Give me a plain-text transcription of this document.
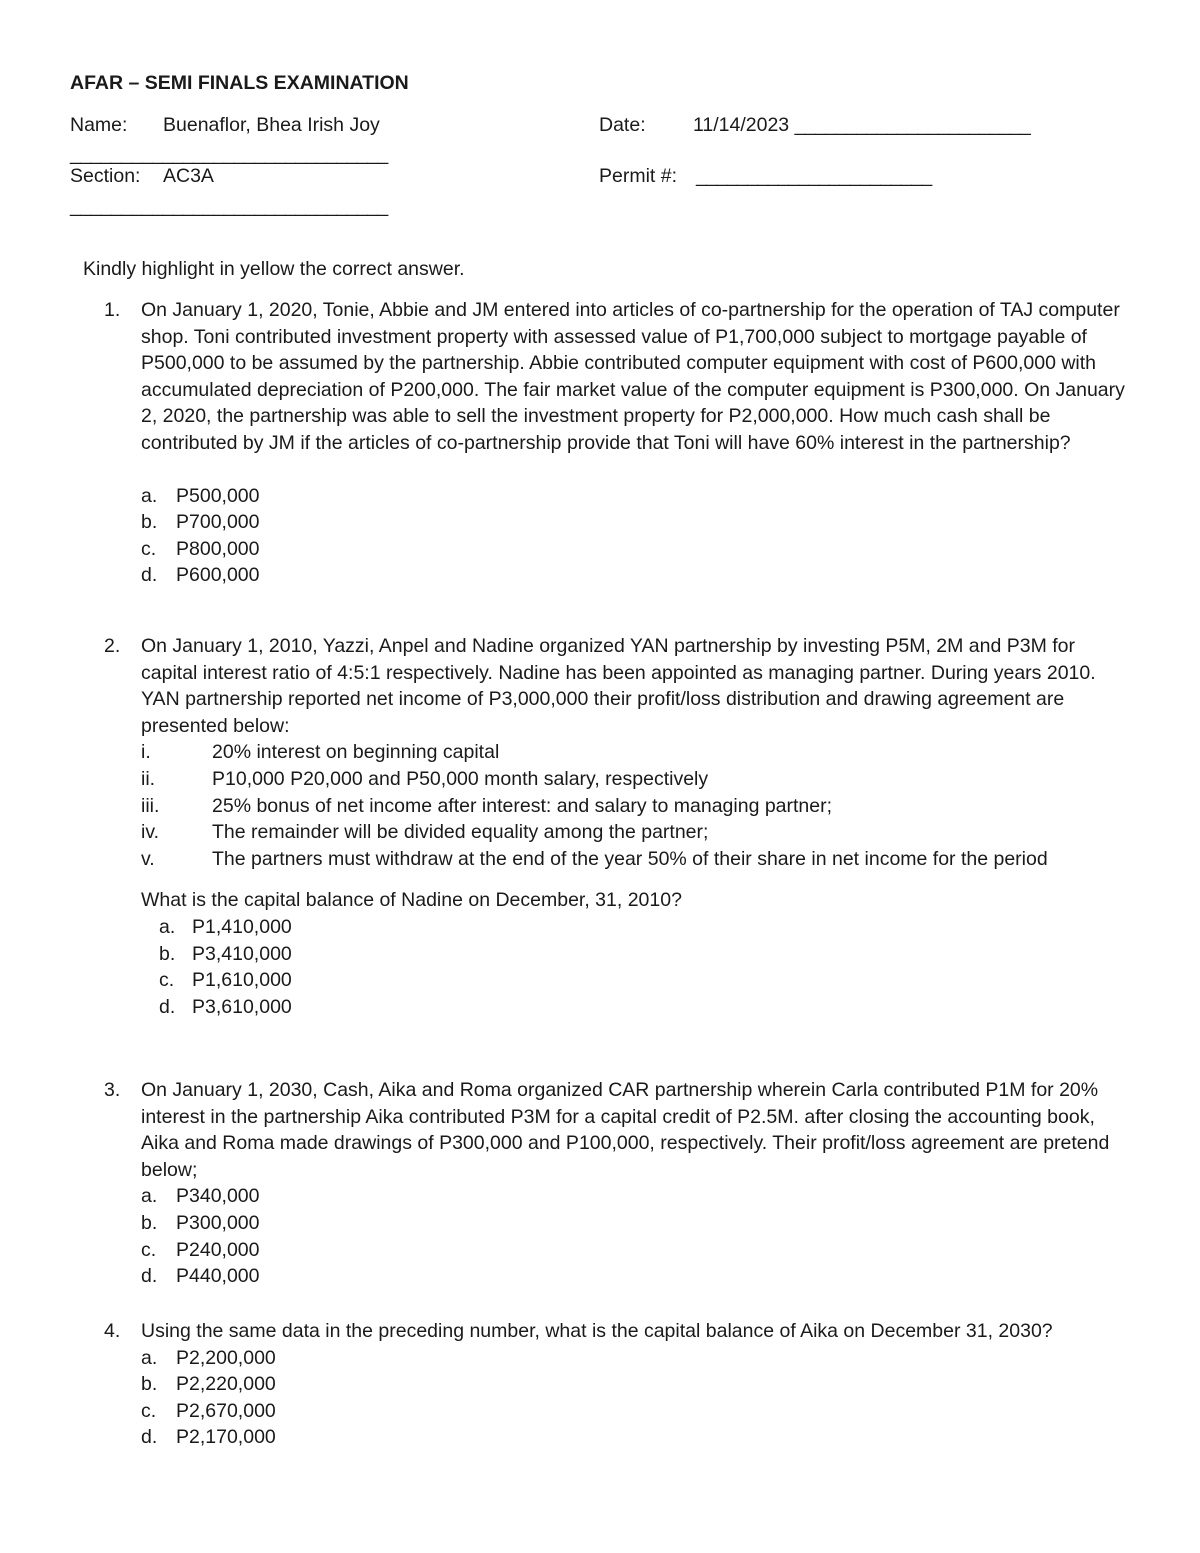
AFAR – SEMI FINALS EXAMINATION
Name: Buenaflor, Bhea Irish Joy	Date: 11/14/2023 _______________________
_______________________________
Section: AC3A	Permit #: _______________________
_______________________________
Kindly highlight in yellow the correct answer.
1. On January 1, 2020, Tonie, Abbie and JM entered into articles of co-partnership for the operation of TAJ computer shop. Toni contributed investment property with assessed value of P1,700,000 subject to mortgage payable of P500,000 to be assumed by the partnership. Abbie contributed computer equipment with cost of P600,000 with accumulated depreciation of P200,000. The fair market value of the computer equipment is P300,000. On January 2, 2020, the partnership was able to sell the investment property for P2,000,000. How much cash shall be contributed by JM if the articles of co-partnership provide that Toni will have 60% interest in the partnership?
a. P500,000
b. P700,000
c. P800,000
d. P600,000
2. On January 1, 2010, Yazzi, Anpel and Nadine organized YAN partnership by investing P5M, 2M and P3M for capital interest ratio of 4:5:1 respectively. Nadine has been appointed as managing partner. During years 2010. YAN partnership reported net income of P3,000,000 their profit/loss distribution and drawing agreement are presented below:
i.	20% interest on beginning capital
ii.	P10,000 P20,000 and P50,000 month salary, respectively
iii.	25% bonus of net income after interest: and salary to managing partner;
iv.	The remainder will be divided equality among the partner;
v.	The partners must withdraw at the end of the year 50% of their share in net income for the period
What is the capital balance of Nadine on December, 31, 2010?
a. P1,410,000
b. P3,410,000
c. P1,610,000
d. P3,610,000
3. On January 1, 2030, Cash, Aika and Roma organized CAR partnership wherein Carla contributed P1M for 20% interest in the partnership Aika contributed P3M for a capital credit of P2.5M. after closing the accounting book, Aika and Roma made drawings of P300,000 and P100,000, respectively. Their profit/loss agreement are pretend below;
a. P340,000
b. P300,000
c. P240,000
d. P440,000
4. Using the same data in the preceding number, what is the capital balance of Aika on December 31, 2030?
a. P2,200,000
b. P2,220,000
c. P2,670,000
d. P2,170,000
